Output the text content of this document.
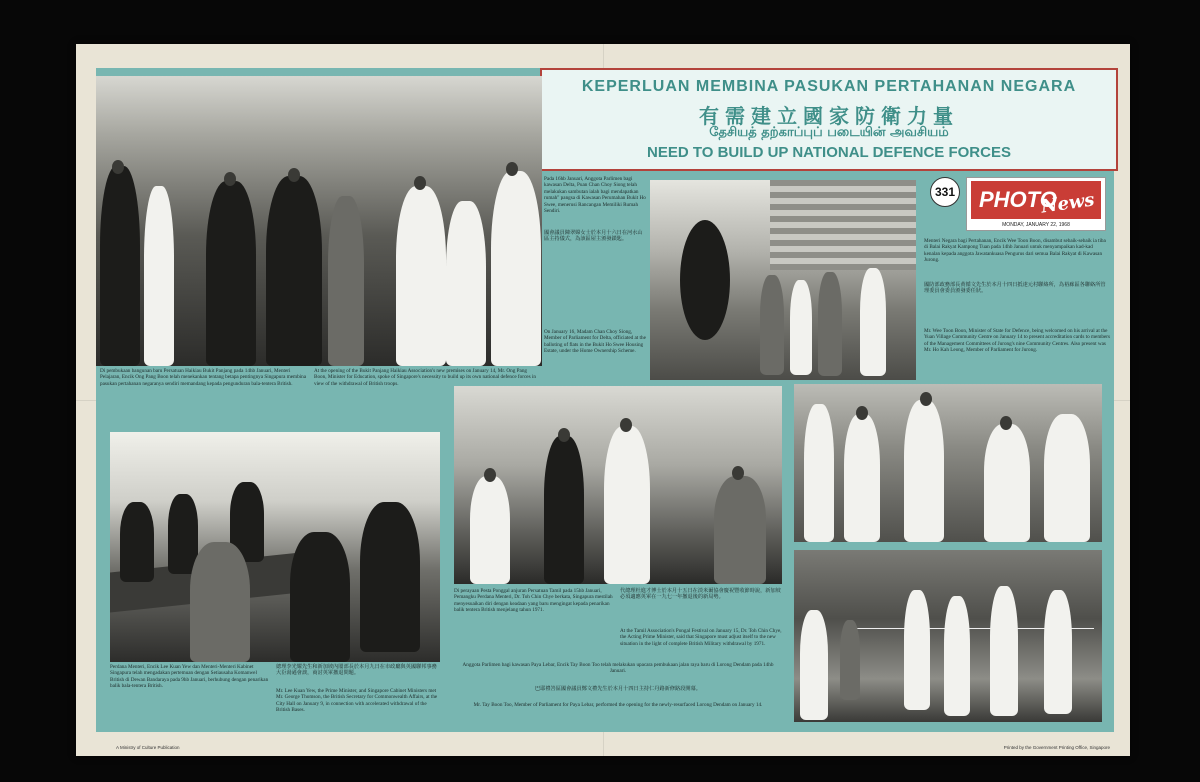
KEPERLUAN MEMBINA PASUKAN PERTAHANAN NEGARA
有需建立國家防衛力量
தேசியத் தற்காப்புப் படையின் அவசியம்
NEED TO BUILD UP NATIONAL DEFENCE FORCES
Di pembukaan bangunan baru Persatuan Haikiau Bukit Panjang pada 14hb Januari, Menteri Pelajaran, Encik Ong Pang Boon telah menekankan tentang betapa pentingnya Singapura membina pasukan pertahanan negaranya sendiri memandang kepada pengunduran bala-tentera British.
At the opening of the Bukit Panjang Haikiau Association's new premises on January 14, Mr. Ong Pang Boon, Minister for Education, spoke of Singapore's necessity to build up its own national defence forces in view of the withdrawal of British troops.
Pada 16hb Januari, Anggota Parlimen bagi kawasan Delta, Puan Chan Choy Siong telah melakukan sambutan ialah bagi mendapatkan rumah" pangsa di Kawasan Perumahan Bukit Ho Swee, menerusi Rancangan Memiliki Rumah Sendiri.
國會議員陳翠嫦女士於本月十六日在河水山區主持儀式，為該區屋主頒發鎖匙。
On January 16, Madam Chan Choy Siong, Member of Parliament for Delta, officiated at the balloting of flats in the Bukit Ho Swee Housing Estate, under the Home Ownership Scheme.
331 PHOTO
News
MONDAY, JANUARY 22, 1968
Menteri Negara bagi Pertahanan, Encik Wee Toon Boon, disambut sebaik-sebaik ia tiba di Balai Rakyat Kampong Tuan pada 14hb Januari untuk menyampaikan kad-kad kenalan kepada anggota Jawatankuasa Pengurus dari semua Balai Rakyat di Kawasan Jurong.
國防部政務部長黄循文先生於本月十四日抵達元村聯絡所，為裕廊區各聯絡所管理委員會委員頒發委任狀。
Mr. Wee Toon Boon, Minister of State for Defence, being welcomed on his arrival at the Yuan Village Community Centre on January 14 to present accreditation cards to members of the Management Committees of Jurong's nine Community Centres. Also present was Mr. Ho Kah Leong, Member of Parliament for Jurong.
Perdana Menteri, Encik Lee Kuan Yew dan Menteri-Menteri Kabinet Singapura telah mengadakan pertemuan dengan Setiausaha Komanwel British di Dewan Bandaraya pada 9hb Januari, berhubung dengan penarikan balik bala-tentera British.
總理李光耀先生和新加坡內閣部長於本月九日在市政廳與英國聯邦事務大臣湯遜會談，商討英軍撤退問題。
Mr. Lee Kuan Yew, the Prime Minister, and Singapore Cabinet Ministers met Mr. George Thomson, the British Secretary for Commonwealth Affairs, at the City Hall on January 9, in connection with accelerated withdrawal of the British Bases.
Di perayaan Pesta Ponggal anjuran Persatuan Tamil pada 15hb Januari, Pemangku Perdana Menteri, Dr. Toh Chin Chye berkata, Singapura mestilah menyesuaikan diri dengan keadaan yang baru mengingat kepada penarikan balik tentera British menjelang tahun 1971.
代總理杜進才博士於本月十五日在淡米爾協會慶祝豐收節時說，新加坡必須適應英軍在一九七一年撤退後的新局勢。
At the Tamil Association's Pongal Festival on January 15, Dr. Toh Chin Chye, the Acting Prime Minister, said that Singapore must adjust itself to the new situation in the light of complete British Military withdrawal by 1971.
Anggota Parlimen bagi kawasan Paya Lebar, Encik Tay Boon Too telah melakukan upacara pembukaan jalan raya baru di Lorong Dendam pada 14hb Januari.
巴耶禮峇區國會議員鄭文禮先生於本月十四日主持仁丹路新修路段開幕。
Mr. Tay Boon Too, Member of Parliament for Paya Lebar, performed the opening for the newly-resurfaced Lorong Dendam on January 14.
A Ministry of Culture Publication	Printed by the Government Printing Office, Singapore
